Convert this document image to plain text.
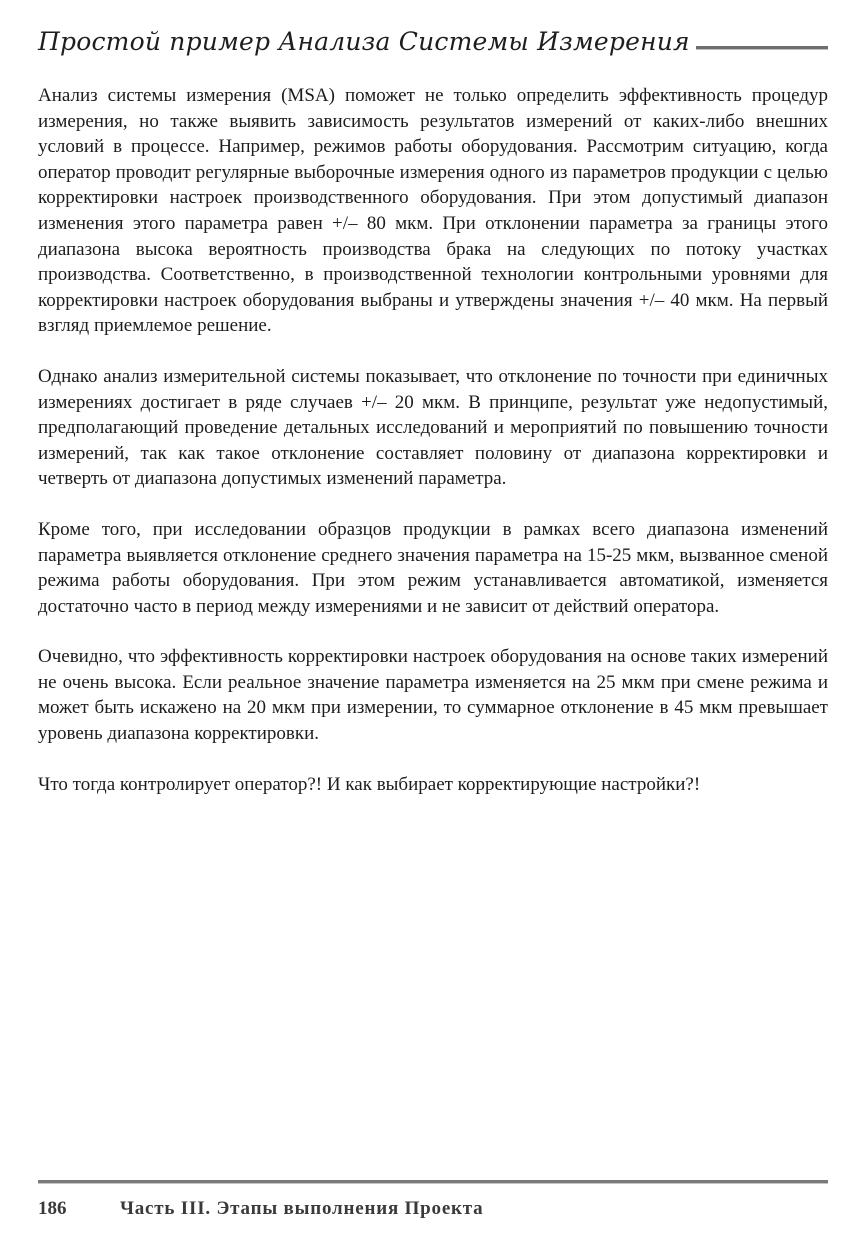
Простой пример Анализа Системы Измерения

Анализ системы измерения (MSA) поможет не только определить эффективность процедур измерения, но также выявить зависимость результатов измерений от каких-либо внешних условий в процессе. Например, режимов работы оборудования. Рассмотрим ситуацию, когда оператор проводит регулярные выборочные измерения одного из параметров продукции с целью корректировки настроек производственного оборудования. При этом допустимый диапазон изменения этого параметра равен +/– 80 мкм. При отклонении параметра за границы этого диапазона высока вероятность производства брака на следующих по потоку участках производства. Соответственно, в производственной технологии контрольными уровнями для корректировки настроек оборудования выбраны и утверждены значения +/– 40 мкм. На первый взгляд приемлемое решение.

Однако анализ измерительной системы показывает, что отклонение по точности при единичных измерениях достигает в ряде случаев +/– 20 мкм. В принципе, результат уже недопустимый, предполагающий проведение детальных исследований и мероприятий по повышению точности измерений, так как такое отклонение составляет половину от диапазона корректировки и четверть от диапазона допустимых изменений параметра.

Кроме того, при исследовании образцов продукции в рамках всего диапазона изменений параметра выявляется отклонение среднего значения параметра на 15-25 мкм, вызванное сменой режима работы оборудования. При этом режим устанавливается автоматикой, изменяется достаточно часто в период между измерениями и не зависит от действий оператора.

Очевидно, что эффективность корректировки настроек оборудования на основе таких измерений не очень высока. Если реальное значение параметра изменяется на 25 мкм при смене режима и может быть искажено на 20 мкм при измерении, то суммарное отклонение в 45 мкм превышает уровень диапазона корректировки.

Что тогда контролирует оператор?! И как выбирает корректирующие настройки?!

186	Часть III. Этапы выполнения Проекта
